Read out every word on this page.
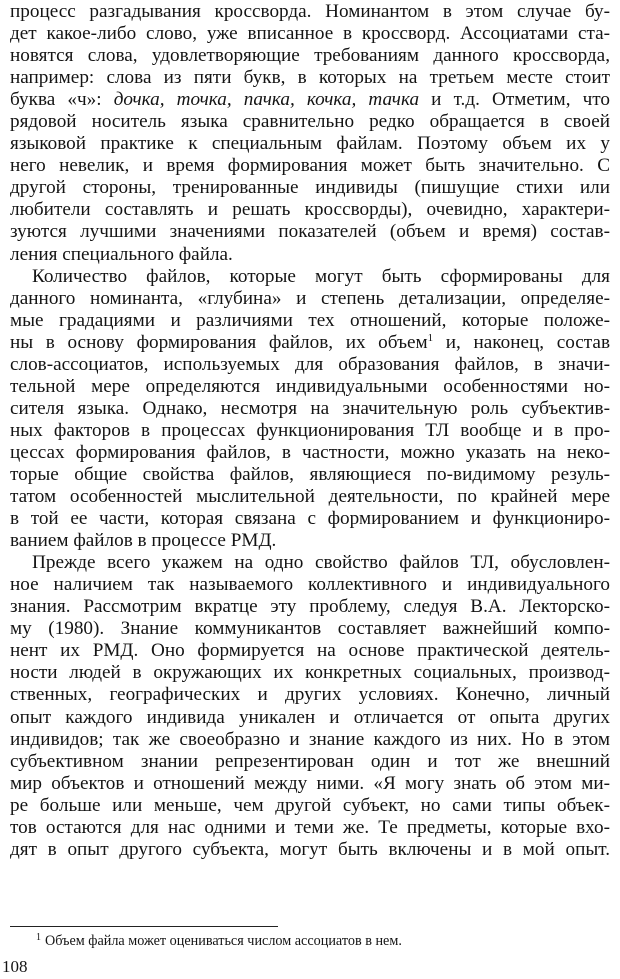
процесс разгадывания кроссворда. Номинантом в этом случае бу-
дет какое-либо слово, уже вписанное в кроссворд. Ассоциатами ста-
новятся слова, удовлетворяющие требованиям данного кроссворда,
например: слова из пяти букв, в которых на третьем месте стоит
буква «ч»: дочка, точка, пачка, кочка, тачка и т.д. Отметим, что
рядовой носитель языка сравнительно редко обращается в своей
языковой практике к специальным файлам. Поэтому объем их у
него невелик, и время формирования может быть значительно. С
другой стороны, тренированные индивиды (пишущие стихи или
любители составлять и решать кроссворды), очевидно, характери-
зуются лучшими значениями показателей (объем и время) состав-
ления специального файла.
Количество файлов, которые могут быть сформированы для
данного номинанта, «глубина» и степень детализации, определяе-
мые градациями и различиями тех отношений, которые положе-
ны в основу формирования файлов, их объем$^1$ и, наконец, состав
слов-ассоциатов, используемых для образования файлов, в значи-
тельной мере определяются индивидуальными особенностями но-
сителя языка. Однако, несмотря на значительную роль субъектив-
ных факторов в процессах функционирования ТЛ вообще и в про-
цессах формирования файлов, в частности, можно указать на неко-
торые общие свойства файлов, являющиеся по-видимому резуль-
татом особенностей мыслительной деятельности, по крайней мере
в той ее части, которая связана с формированием и функциониро-
ванием файлов в процессе РМД.
Прежде всего укажем на одно свойство файлов ТЛ, обусловлен-
ное наличием так называемого коллективного и индивидуального
знания. Рассмотрим вкратце эту проблему, следуя В.А. Лекторско-
му (1980). Знание коммуникантов составляет важнейший компо-
нент их РМД. Оно формируется на основе практической деятель-
ности людей в окружающих их конкретных социальных, производ-
ственных, географических и других условиях. Конечно, личный
опыт каждого индивида уникален и отличается от опыта других
индивидов; так же своеобразно и знание каждого из них. Но в этом
субъективном знании репрезентирован один и тот же внешний
мир объектов и отношений между ними. «Я могу знать об этом ми-
ре больше или меньше, чем другой субъект, но сами типы объек-
тов остаются для нас одними и теми же. Те предметы, которые вхо-
дят в опыт другого субъекта, могут быть включены и в мой опыт.
$^1$ Объем файла может оцениваться числом ассоциатов в нем.
108
